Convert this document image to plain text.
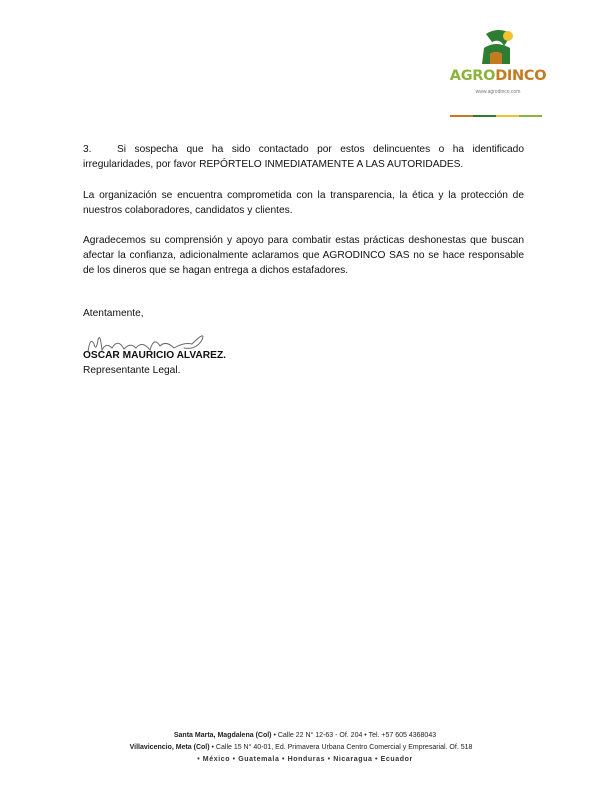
AGRODINCO
www.agrodinco.com
3.	Si sospecha que ha sido contactado por estos delincuentes o ha identificado irregularidades, por favor REPÓRTELO INMEDIATAMENTE A LAS AUTORIDADES.
La organización se encuentra comprometida con la transparencia, la ética y la protección de nuestros colaboradores, candidatos y clientes.
Agradecemos su comprensión y apoyo para combatir estas prácticas deshonestas que buscan afectar la confianza, adicionalmente aclaramos que AGRODINCO SAS no se hace responsable de los dineros que se hagan entrega a dichos estafadores.
Atentamente,
OSCAR MAURICIO ALVAREZ.
Representante Legal.
Santa Marta, Magdalena (Col) • Calle 22 N° 12-63 - Of. 204 • Tel. +57 605 4368043
Villavicencio, Meta (Col) • Calle 15 N° 40-01, Ed. Primavera Urbana Centro Comercial y Empresarial. Of. 518
• México • Guatemala • Honduras • Nicaragua • Ecuador
